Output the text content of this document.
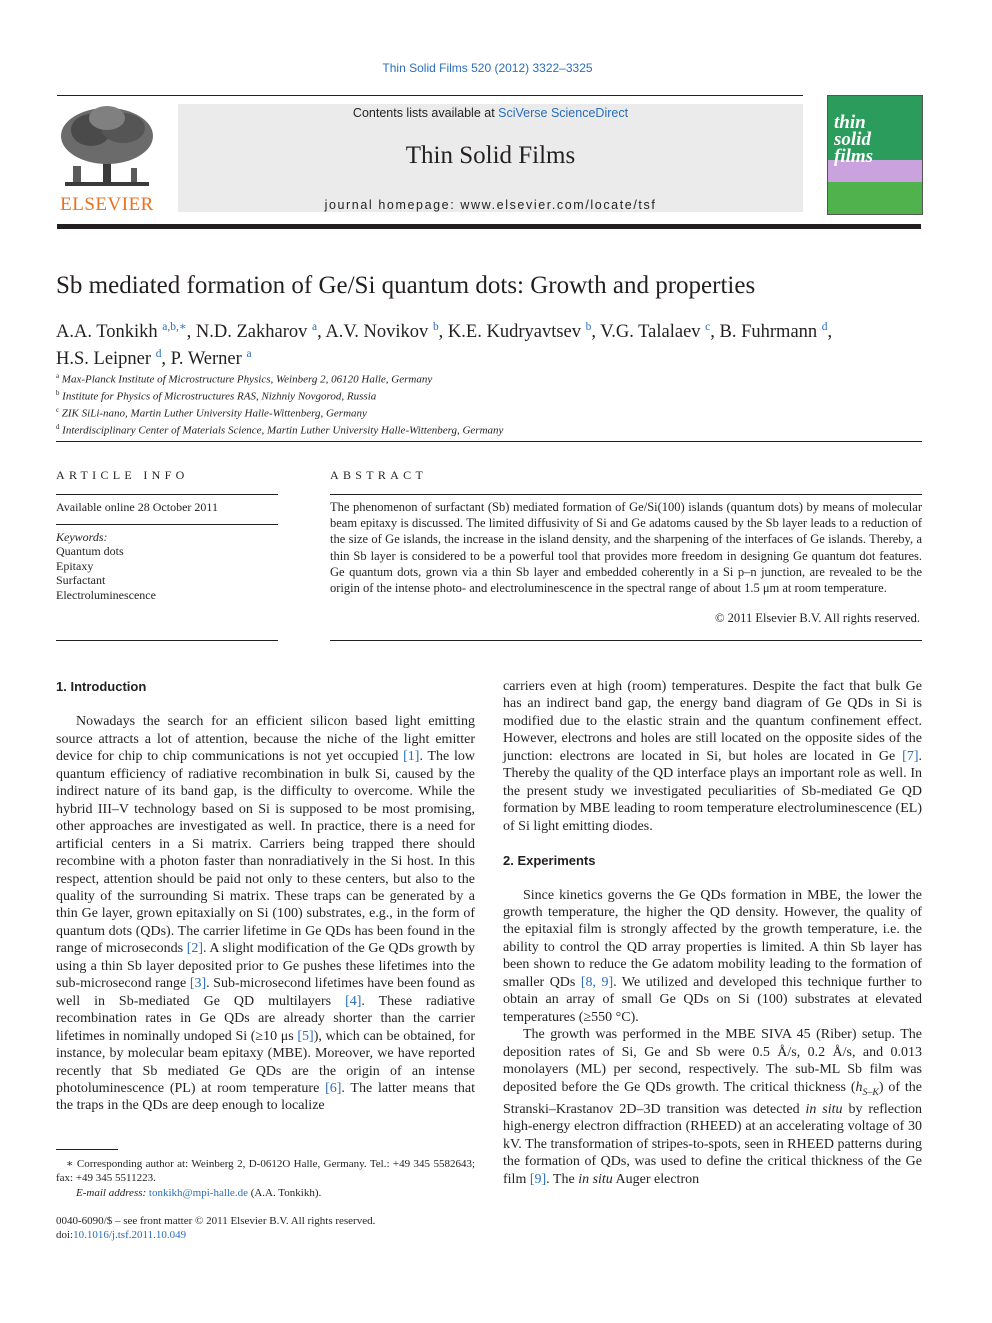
Thin Solid Films 520 (2012) 3322–3325
ELSEVIER
Contents lists available at SciVerse ScienceDirect
Thin Solid Films
journal homepage: www.elsevier.com/locate/tsf
thin solid films
Sb mediated formation of Ge/Si quantum dots: Growth and properties
A.A. Tonkikh $^{a,b,∗}$, N.D. Zakharov $^a$, A.V. Novikov $^b$, K.E. Kudryavtsev $^b$, V.G. Talalaev $^c$, B. Fuhrmann $^d$,
H.S. Leipner $^d$, P. Werner $^a$
$^a$ Max-Planck Institute of Microstructure Physics, Weinberg 2, 06120 Halle, Germany
$^b$ Institute for Physics of Microstructures RAS, Nizhniy Novgorod, Russia
$^c$ ZIK SiLi-nano, Martin Luther University Halle-Wittenberg, Germany
$^d$ Interdisciplinary Center of Materials Science, Martin Luther University Halle-Wittenberg, Germany
ARTICLE INFO
Available online 28 October 2011
Keywords:
Quantum dots
Epitaxy
Surfactant
Electroluminescence
ABSTRACT
The phenomenon of surfactant (Sb) mediated formation of Ge/Si(100) islands (quantum dots) by means of molecular beam epitaxy is discussed. The limited diffusivity of Si and Ge adatoms caused by the Sb layer leads to a reduction of the size of Ge islands, the increase in the island density, and the sharpening of the interfaces of Ge islands. Thereby, a thin Sb layer is considered to be a powerful tool that provides more freedom in designing Ge quantum dot features. Ge quantum dots, grown via a thin Sb layer and embedded coherently in a Si p–n junction, are revealed to be the origin of the intense photo- and electroluminescence in the spectral range of about 1.5 μm at room temperature.
© 2011 Elsevier B.V. All rights reserved.
1. Introduction

Nowadays the search for an efficient silicon based light emitting source attracts a lot of attention, because the niche of the light emitter device for chip to chip communications is not yet occupied [1]. The low quantum efficiency of radiative recombination in bulk Si, caused by the indirect nature of its band gap, is the difficulty to overcome. While the hybrid III–V technology based on Si is supposed to be most promising, other approaches are investigated as well. In practice, there is a need for artificial centers in a Si matrix. Carriers being trapped there should recombine with a photon faster than nonradiatively in the Si host. In this respect, attention should be paid not only to these centers, but also to the quality of the surrounding Si matrix. These traps can be generated by a thin Ge layer, grown epitaxially on Si (100) substrates, e.g., in the form of quantum dots (QDs). The carrier lifetime in Ge QDs has been found in the range of microseconds [2]. A slight modification of the Ge QDs growth by using a thin Sb layer deposited prior to Ge pushes these lifetimes into the sub-microsecond range [3]. Sub-microsecond lifetimes have been found as well in Sb-mediated Ge QD multilayers [4]. These radiative recombination rates in Ge QDs are already shorter than the carrier lifetimes in nominally undoped Si (≥10 μs [5]), which can be obtained, for instance, by molecular beam epitaxy (MBE). Moreover, we have reported recently that Sb mediated Ge QDs are the origin of an intense photoluminescence (PL) at room temperature [6]. The latter means that the traps in the QDs are deep enough to localize

carriers even at high (room) temperatures. Despite the fact that bulk Ge has an indirect band gap, the energy band diagram of Ge QDs in Si is modified due to the elastic strain and the quantum confinement effect. However, electrons and holes are still located on the opposite sides of the junction: electrons are located in Si, but holes are located in Ge [7]. Thereby the quality of the QD interface plays an important role as well. In the present study we investigated peculiarities of Sb-mediated Ge QD formation by MBE leading to room temperature electroluminescence (EL) of Si light emitting diodes.

2. Experiments

Since kinetics governs the Ge QDs formation in MBE, the lower the growth temperature, the higher the QD density. However, the quality of the epitaxial film is strongly affected by the growth temperature, i.e. the ability to control the QD array properties is limited. A thin Sb layer has been shown to reduce the Ge adatom mobility leading to the formation of smaller QDs [8, 9]. We utilized and developed this technique further to obtain an array of small Ge QDs on Si (100) substrates at elevated temperatures (≥550 °C).

The growth was performed in the MBE SIVA 45 (Riber) setup. The deposition rates of Si, Ge and Sb were 0.5 Å/s, 0.2 Å/s, and 0.013 monolayers (ML) per second, respectively. The sub-ML Sb film was deposited before the Ge QDs growth. The critical thickness $(h_{S-K})$ of the Stranski–Krastanov 2D–3D transition was detected in situ by reflection high-energy electron diffraction (RHEED) at an accelerating voltage of 30 kV. The transformation of stripes-to-spots, seen in RHEED patterns during the formation of QDs, was used to define the critical thickness of the Ge film [9]. The in situ Auger electron

∗ Corresponding author at: Weinberg 2, D-0612O Halle, Germany. Tel.: +49 345 5582643; fax: +49 345 5511223.
E-mail address: tonkikh@mpi-halle.de (A.A. Tonkikh).
0040-6090/$ – see front matter © 2011 Elsevier B.V. All rights reserved.
doi:10.1016/j.tsf.2011.10.049
